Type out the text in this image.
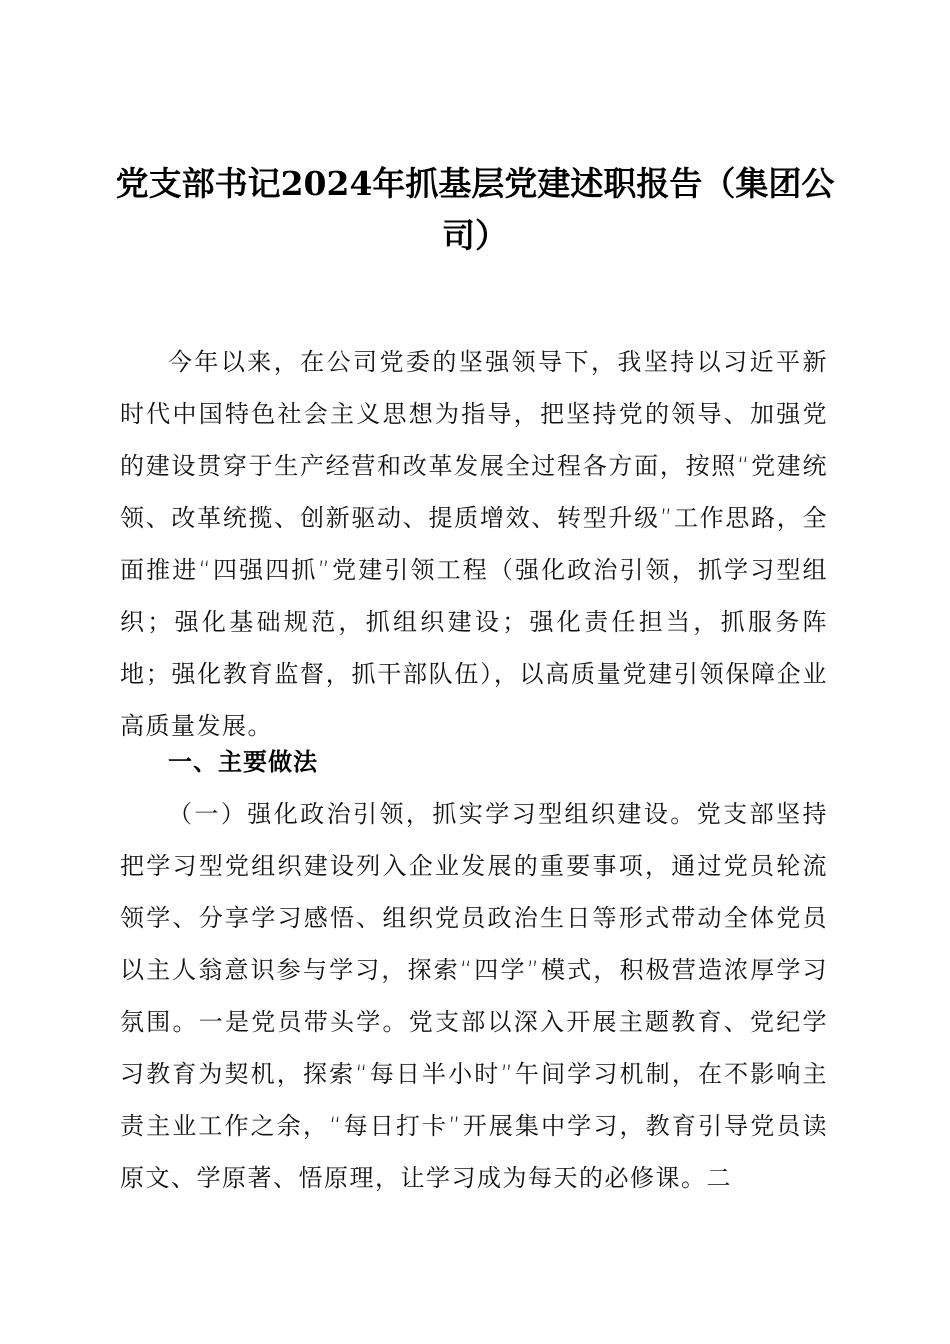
党支部书记2024年抓基层党建述职报告（集团公司）
今年以来，在公司党委的坚强领导下，我坚持以习近平新时代中国特色社会主义思想为指导，把坚持党的领导、加强党的建设贯穿于生产经营和改革发展全过程各方面，按照“党建统领、改革统揽、创新驱动、提质增效、转型升级”工作思路，全面推进“四强四抓”党建引领工程（强化政治引领，抓学习型组织；强化基础规范，抓组织建设；强化责任担当，抓服务阵地；强化教育监督，抓干部队伍），以高质量党建引领保障企业高质量发展。
一、主要做法
（一）强化政治引领，抓实学习型组织建设。党支部坚持把学习型党组织建设列入企业发展的重要事项，通过党员轮流领学、分享学习感悟、组织党员政治生日等形式带动全体党员以主人翁意识参与学习，探索“四学”模式，积极营造浓厚学习氛围。一是党员带头学。党支部以深入开展主题教育、党纪学习教育为契机，探索“每日半小时”午间学习机制，在不影响主责主业工作之余，“每日打卡”开展集中学习，教育引导党员读原文、学原著、悟原理，让学习成为每天的必修课。二
